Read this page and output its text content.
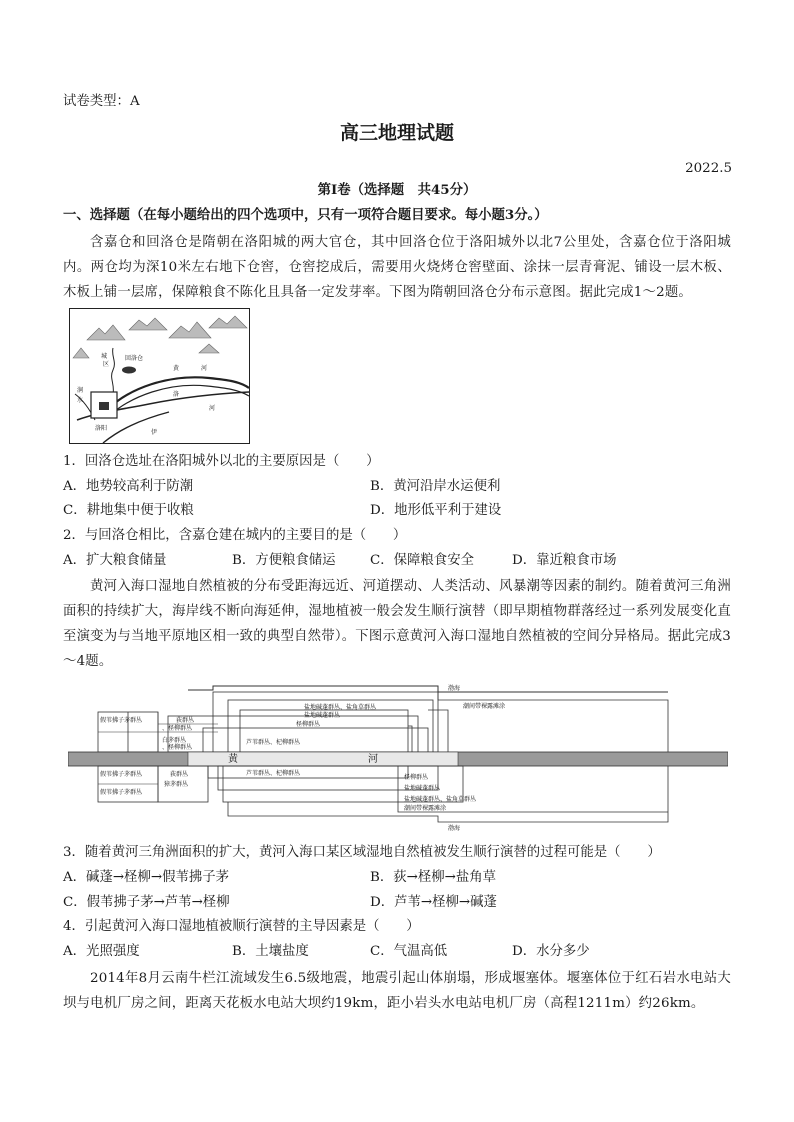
试卷类型：A
高三地理试题
2022.5
第Ⅰ卷（选择题　共45分）
一、选择题（在每小题给出的四个选项中，只有一项符合题目要求。每小题3分。）

含嘉仓和回洛仓是隋朝在洛阳城的两大官仓，其中回洛仓位于洛阳城外以北7公里处，含嘉仓位于洛阳城内。两仓均为深10米左右地下仓窖，仓窖挖成后，需要用火烧烤仓窖壁面、涂抹一层青膏泥、铺设一层木板、木板上铺一层席，保障粮食不陈化且具备一定发芽率。下图为隋朝回洛仓分布示意图。据此完成1～2题。

城
区
回洛仓
黄	河
涧
水
洛阳
伊
洛
河
1．回洛仓选址在洛阳城外以北的主要原因是（　　）
A．地势较高利于防潮	B．黄河沿岸水运便利
C．耕地集中便于收粮	D．地形低平利于建设
2．与回洛仓相比，含嘉仓建在城内的主要目的是（　　）
A．扩大粮食储量	B．方便粮食储运	C．保障粮食安全	D．靠近粮食市场

黄河入海口湿地自然植被的分布受距海远近、河道摆动、人类活动、风暴潮等因素的制约。随着黄河三角洲面积的持续扩大，海岸线不断向海延伸，湿地植被一般会发生顺行演替（即早期植物群落经过一系列发展变化直至演变为与当地平原地区相一致的典型自然带）。下图示意黄河入海口湿地自然植被的空间分异格局。据此完成3～4题。

渤海
潮间带裸露滩涂
盐地碱蓬群丛、盐角草群丛
盐地碱蓬群丛
柽柳群丛
芦苇群丛、杞柳群丛
假苇拂子茅群丛	荻群丛
、柽柳群丛
白茅群丛
、柽柳群丛
黄	河
芦苇群丛、杞柳群丛
柽柳群丛
盐地碱蓬群丛
盐地碱蓬群丛、盐角草群丛
潮间带裸露滩涂
假苇拂子茅群丛	荻群丛
獐茅群丛
假苇拂子茅群丛
渤海
3．随着黄河三角洲面积的扩大，黄河入海口某区域湿地自然植被发生顺行演替的过程可能是（　　）
A．碱蓬→柽柳→假苇拂子茅	B．荻→柽柳→盐角草
C．假苇拂子茅→芦苇→柽柳	D．芦苇→柽柳→碱蓬
4．引起黄河入海口湿地植被顺行演替的主导因素是（　　）
A．光照强度	B．土壤盐度	C．气温高低	D．水分多少

2014年8月云南牛栏江流域发生6.5级地震，地震引起山体崩塌，形成堰塞体。堰塞体位于红石岩水电站大坝与电机厂房之间，距离天花板水电站大坝约19km，距小岩头水电站电机厂房（高程1211m）约26km。
